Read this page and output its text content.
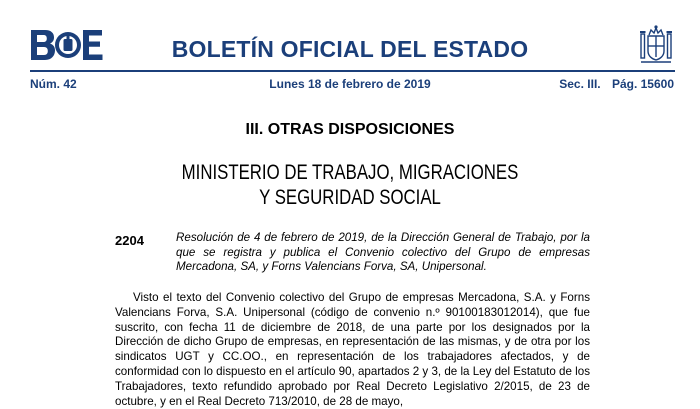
BOLETÍN OFICIAL DEL ESTADO
Núm. 42	Lunes 18 de febrero de 2019	Sec. III. Pág. 15600
III. OTRAS DISPOSICIONES
MINISTERIO DE TRABAJO, MIGRACIONES
Y SEGURIDAD SOCIAL
2204	Resolución de 4 de febrero de 2019, de la Dirección General de Trabajo, por la que se registra y publica el Convenio colectivo del Grupo de empresas Mercadona, SA, y Forns Valencians Forva, SA, Unipersonal.

Visto el texto del Convenio colectivo del Grupo de empresas Mercadona, S.A. y Forns Valencians Forva, S.A. Unipersonal (código de convenio n.º 90100183012014), que fue suscrito, con fecha 11 de diciembre de 2018, de una parte por los designados por la Dirección de dicho Grupo de empresas, en representación de las mismas, y de otra por los sindicatos UGT y CC.OO., en representación de los trabajadores afectados, y de conformidad con lo dispuesto en el artículo 90, apartados 2 y 3, de la Ley del Estatuto de los Trabajadores, texto refundido aprobado por Real Decreto Legislativo 2/2015, de 23 de octubre, y en el Real Decreto 713/2010, de 28 de mayo,
